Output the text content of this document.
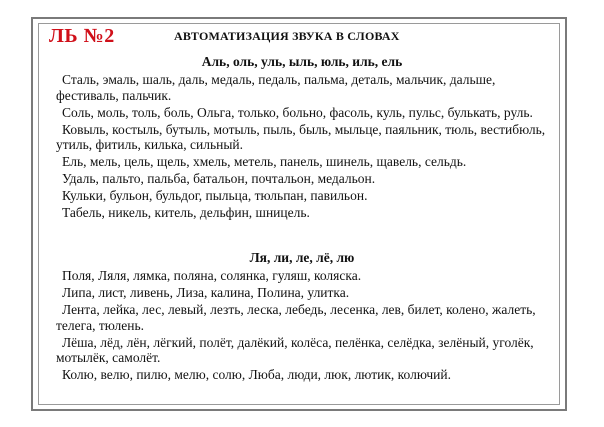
ЛЬ №2	АВТОМАТИЗАЦИЯ ЗВУКА В СЛОВАХ
Аль, оль, уль, ыль, юль, иль, ель

Сталь, эмаль, шаль, даль, медаль, педаль, пальма, деталь, мальчик, дальше, фестиваль, пальчик.

Соль, моль, толь, боль, Ольга, только, больно, фасоль, куль, пульс, булькать, руль.

Ковыль, костыль, бутыль, мотыль, пыль, быль, мыльце, паяльник, тюль, вестибюль, утиль, фитиль, килька, сильный.

Ель, мель, цель, щель, хмель, метель, панель, шинель, щавель, сельдь.

Удаль, пальто, пальба, батальон, почтальон, медальон.

Кульки, бульон, бульдог, пыльца, тюльпан, павильон.

Табель, никель, китель, дельфин, шницель.

Ля, ли, ле, лё, лю

Поля, Ляля, лямка, поляна, солянка, гуляш, коляска.

Липа, лист, ливень, Лиза, калина, Полина, улитка.

Лента, лейка, лес, левый, лезть, леска, лебедь, лесенка, лев, билет, колено, жалеть, телега, тюлень.

Лёша, лёд, лён, лёгкий, полёт, далёкий, колёса, пелёнка, селёдка, зелёный, уголёк, мотылёк, самолёт.

Колю, велю, пилю, мелю, солю, Люба, люди, люк, лютик, колючий.
